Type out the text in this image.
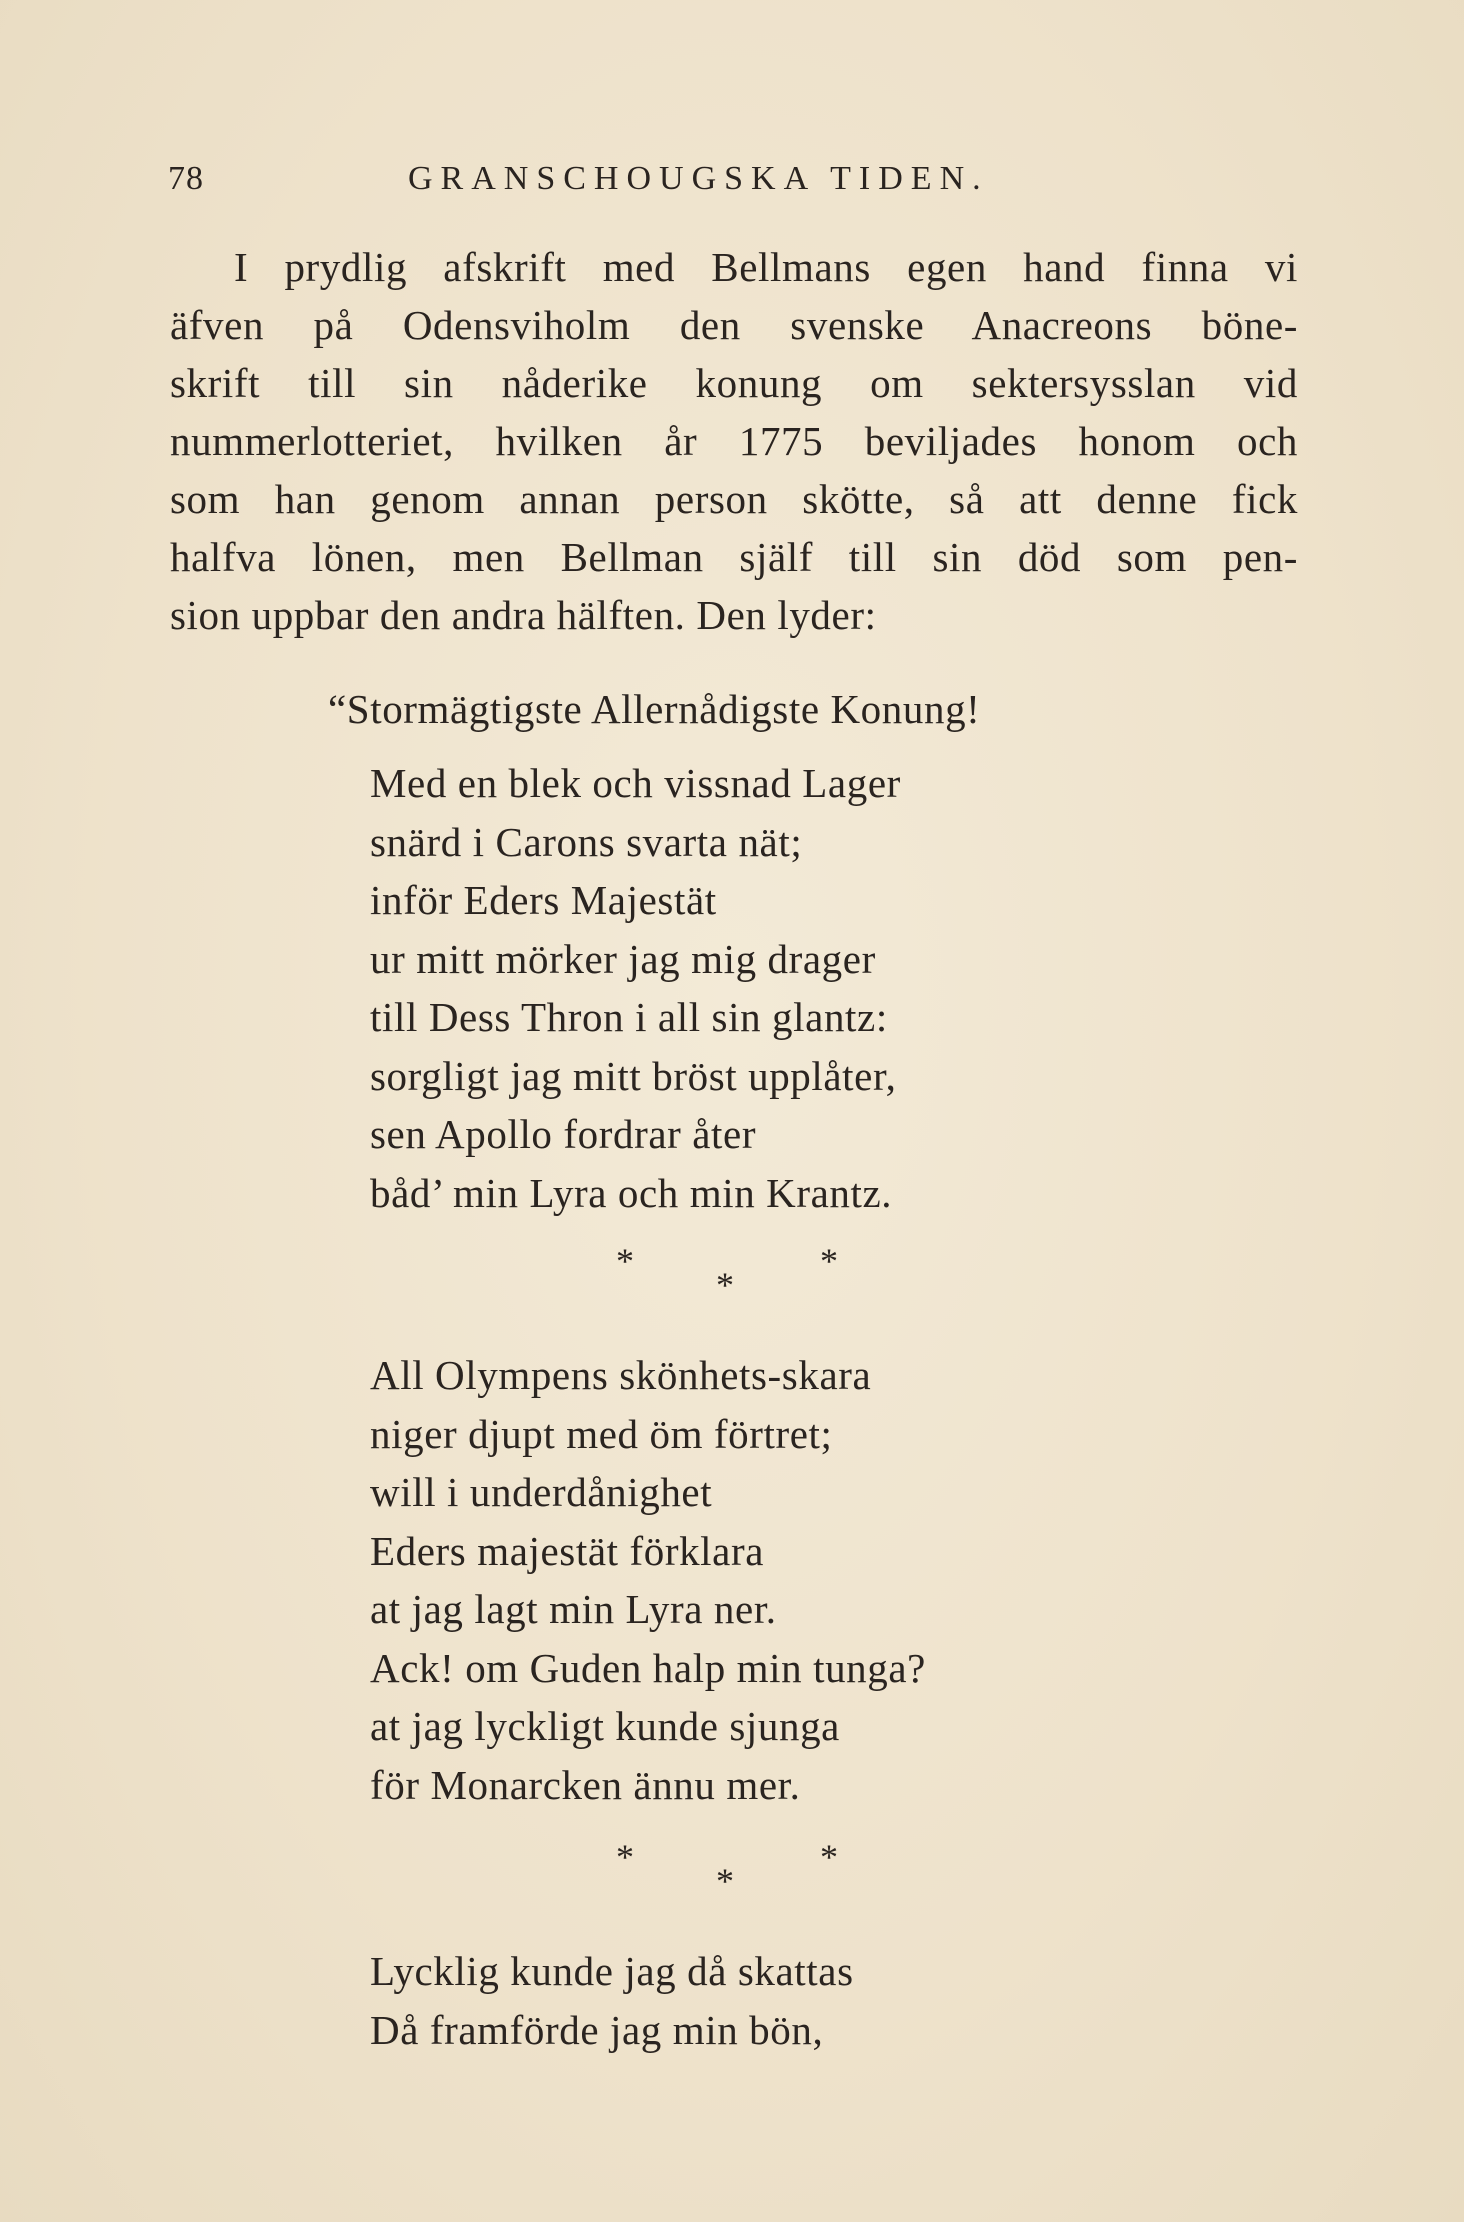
78	GRANSCHOUGSKA TIDEN.
I prydlig afskrift med Bellmans egen hand finna vi
äfven på Odensviholm den svenske Anacreons böne-
skrift till sin nåderike konung om sektersysslan vid
nummerlotteriet, hvilken år 1775 beviljades honom och
som han genom annan person skötte, så att denne fick
halfva lönen, men Bellman själf till sin död som pen-
sion uppbar den andra hälften. Den lyder:
“Stormägtigste Allernådigste Konung!
Med en blek och vissnad Lager
snärd i Carons svarta nät;
inför Eders Majestät
ur mitt mörker jag mig drager
till Dess Thron i all sin glantz:
sorgligt jag mitt bröst upplåter,
sen Apollo fordrar åter
båd’ min Lyra och min Krantz.
*
*
*
All Olympens skönhets-skara
niger djupt med öm förtret;
will i underdånighet
Eders majestät förklara
at jag lagt min Lyra ner.
Ack! om Guden halp min tunga?
at jag lyckligt kunde sjunga
för Monarcken ännu mer.
*
*
*
Lycklig kunde jag då skattas
Då framförde jag min bön,
